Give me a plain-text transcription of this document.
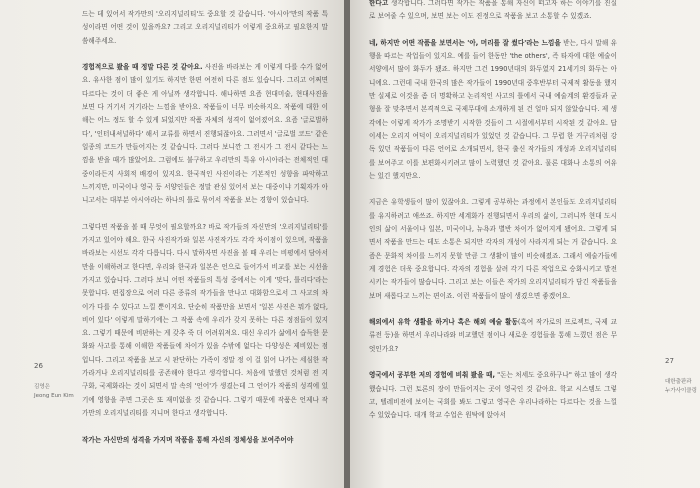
드는 데 있어서 작가만의 '오리지널리티'도 중요할 것 같습니다. '아시아'만의 작품 특성이라면 어떤 것이 있을까요? 그리고 오리지널리티가 이렇게 중요하고 필요한지 말씀해주세요.

경험적으로 봤을 때 정말 다른 것 같아요. 사진을 바라보는 게 이렇게 다를 수가 없어요. 유사한 점이 많이 있기도 하지만 한편 여전히 다른 점도 있습니다. 그리고 어쩌면 다르다는 것이 더 좋은 게 아닐까 생각합니다. 해나하면 요즘 현대미술, 현대사진을 보면 다 거기서 거기라는 느낌을 받아요. 작품들이 너무 비슷하지요. 작품에 대한 이해는 어느 정도 할 수 있게 되었지만 작품 자체의 성격이 없어졌어요. 요즘 '글로벌하다', '인터내셔널하다' 해서 교류를 하면서 진행되잖아요. 그러면서 '글로벌 코드' 같은 일종의 코드가 만들어지는 것 같습니다. 그러다 보니깐 그 전시가 그 전시 같다는 느낌을 받을 때가 많았어요. 그럼에도 불구하고 우리만의 특유 아시아라는 전체적인 대중이라든지 사회적 배경이 있지요. 한국적인 사진이라는 기본적인 성향을 파악하고 느끼지만, 미국이나 영국 등 서양인들은 정말 관심 있어서 보는 대중이냐 기획자가 아니고서는 대부분 아시아라는 하나의 틀로 묶어서 작품을 보는 경향이 있습니다.

그렇다면 작품을 볼 때 무엇이 필요할까요? 바로 작가들의 자신만의 '오리지널리티'를 가지고 있어야 해요. 한국 사진작가와 일본 사진작가도 각각 차이점이 있으며, 작품을 바라보는 시선도 각각 다릅니다. 다시 말하자면 사진을 볼 때 우리는 비평에서 담아서 만을 이해하려고 한다면, 우리와 한국과 일본은 언으로 들어가서 비교를 보는 시선을 가지고 있습니다. 그러다 보니 어떤 작품들의 특성 중에서는 이게 '맞다, 틀리다'라는 못합니다. 편집장으로 여러 다른 종류의 작가들을 만나고 대화함으로서 그 사고의 차이가 다를 수 있다고 느낄 뿐이지요. 단순히 작품만을 보면서 '일본 사진은 뭐가 없다, 비어 있다' 이렇게 말하기에는 그 작품 속에 우리가 갖지 못하는 다른 정점들이 있지요. 그렇기 때문에 비판하는 게 갖추 죽 더 어려워져요. 대신 우리가 삶에서 습득한 문화와 사고를 통해 이해한 작품들에 차이가 있을 수밖에 없다는 다양성은 제비있는 점입니다. 그리고 작품을 보고 시 판단하는 가족이 정말 정 이 걸 읽어 나가는 세심한 작가라거나 오리지널리티를 공존해야 한다고 생각합니다. 처음에 말했던 것처럼 전 지구화, 국제화라는 것이 되면서 말 속의 '언어'가 생겼는데 그 언어가 작품의 성격에 있기에 영향을 주면 그곳은 또 재미없을 것 같습니다. 그렇기 때문에 작품은 언제나 작가만의 오리지널리티를 지니며 한다고 생각합니다.

작가는 자신만의 성격을 가지며 작품을 통해 자신의 정체성을 보여주어야

26
김영은
Jeong Eun Kim

한다고 생각합니다. 그러다면 작가는 작품을 통해 자신이 떠고자 하는 이야기를 진실로 보여줄 수 있으며, 보면 보는 이도 진정으로 작품을 보고 소통할 수 있겠죠.

네, 하지만 어떤 작품을 보면서는 '아, 머리를 잘 썼다'라는 느낌을 받는, 다시 말해 유행을 따르는 작업들이 있지요. 예를 들어 한동안 'the others', 즉 타자에 대한 예술이 서양에서 많이 화두가 됐죠. 하지만 그건 1990년대의 화두였지 21세기의 화두는 아니에요. 그런데 국내 한국의 많은 작가들이 1990년대 중후반부터 국제적 활동을 했지만 실제로 이것을 좀 더 명확하고 논리적인 사고의 틀에서 국내 예술계의 환경들과 균형을 잘 맞추면서 본격적으로 국제무대에 소개하게 된 건 얼마 되지 않았습니다. 제 생각에는 이렇게 작가가 조명받기 시작한 것들이 그 시절에서부터 시작된 것 같아요. 답이세는 오리지 여덕이 오리지널리티가 있었던 것 같습니다. 그 무렵 한 거구리처럼 강독 있던 작품들이 다른 언어로 소개되면서, 한국 출신 작가들의 개성과 오리지널리티를 보여주고 이를 보편화시키려고 많이 노력했던 것 같아요. 물론 대화나 소통의 여유는 있긴 했지만요.

지금은 유학생들이 많이 있잖아요. 그렇게 공부하는 과정에서 본인들도 오리지널리티를 유지하려고 애쓰죠. 하지만 세계화가 진행되면서 우리의 삶이, 그러니까 현대 도시인의 삶이 서울이나 일본, 미국이나, 뉴욕과 별반 차이가 없어지게 됐어요. 그렇게 되면서 작품을 만드는 데도 소통은 되지만 각자의 개성이 사라지게 되는 거 같습니다. 요즘은 문화적 차이를 느끼지 못할 만큼 그 생활이 많이 비슷해졌죠. 그래서 예술가들에게 경험은 더욱 중요합니다. 각자의 경험을 살려 각기 다른 작업으로 승화시키고 발전시키는 작가들이 많습니다. 그리고 보는 이들은 작가의 오리지널리티가 담긴 작품들을 보며 새롭다고 느끼는 편이죠. 이런 작품들이 많이 생겼으면 좋겠어요.

해외에서 유학 생활을 하거나 혹은 해외 예술 활동(혹여 작가로의 프로젝트, 국제 교류전 등)을 하면서 우리나라와 비교했던 점이나 새로운 경험들을 통해 느꼈던 점은 무엇인가요?

영국에서 공부한 저의 경험에 비춰 봤을 때, "돈는 처세도 중요하구나" 하고 많이 생각했습니다. 그런 토론의 장이 만들어지는 곳이 영국인 것 같아요. 학교 시스템도 그렇고, 텔레비전에 보이는 국회를 봐도 그렇고 영국은 우리나라하는 다르다는 것을 느낄 수 있었습니다. 대개 학교 수업은 원탁에 앉아서

27
대한출판과
누가사이클링
